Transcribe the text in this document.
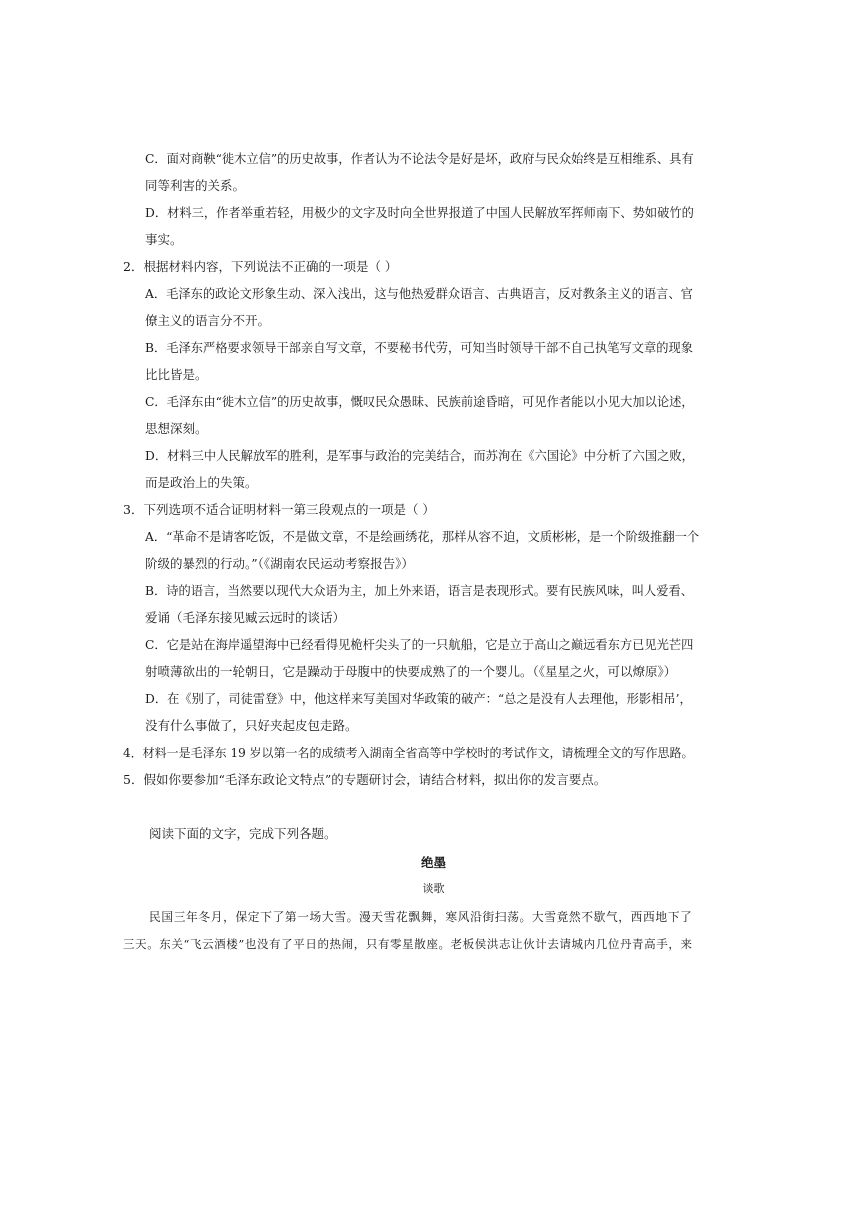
C．面对商鞅“徙木立信”的历史故事，作者认为不论法令是好是坏，政府与民众始终是互相维系、具有

同等利害的关系。

D．材料三，作者举重若轻，用极少的文字及时向全世界报道了中国人民解放军挥师南下、势如破竹的

事实。

2．根据材料内容，下列说法不正确的一项是（ ）

A．毛泽东的政论文形象生动、深入浅出，这与他热爱群众语言、古典语言，反对教条主义的语言、官

僚主义的语言分不开。

B．毛泽东严格要求领导干部亲自写文章，不要秘书代劳，可知当时领导干部不自己执笔写文章的现象

比比皆是。

C．毛泽东由“徙木立信”的历史故事，慨叹民众愚昧、民族前途昏暗，可见作者能以小见大加以论述，

思想深刻。

D．材料三中人民解放军的胜利，是军事与政治的完美结合，而苏洵在《六国论》中分析了六国之败，

而是政治上的失策。

3．下列选项不适合证明材料一第三段观点的一项是（ ）

A．“革命不是请客吃饭，不是做文章，不是绘画绣花，那样从容不迫，文质彬彬，是一个阶级推翻一个

阶级的暴烈的行动。”（《湖南农民运动考察报告》）

B．诗的语言，当然要以现代大众语为主，加上外来语，语言是表现形式。要有民族风味，叫人爱看、

爱诵（毛泽东接见臧云远时的谈话）

C．它是站在海岸遥望海中已经看得见桅杆尖头了的一只航船，它是立于高山之巅远看东方已见光芒四

射喷薄欲出的一轮朝日，它是躁动于母腹中的快要成熟了的一个婴儿。（《星星之火，可以燎原》）

D．在《别了，司徒雷登》中，他这样来写美国对华政策的破产：“总之是没有人去理他，形影相吊’，

没有什么事做了，只好夹起皮包走路。

4．材料一是毛泽东 19 岁以第一名的成绩考入湖南全省高等中学校时的考试作文，请梳理全文的写作思路。

5．假如你要参加“毛泽东政论文特点”的专题研讨会，请结合材料，拟出你的发言要点。

阅读下面的文字，完成下列各题。

绝墨

谈歌

民国三年冬月，保定下了第一场大雪。漫天雪花飘舞，寒风沿街扫荡。大雪竟然不歇气，西西地下了

三天。东关“飞云酒楼”也没有了平日的热闹，只有零星散座。老板侯洪志让伙计去请城内几位丹青高手，来
